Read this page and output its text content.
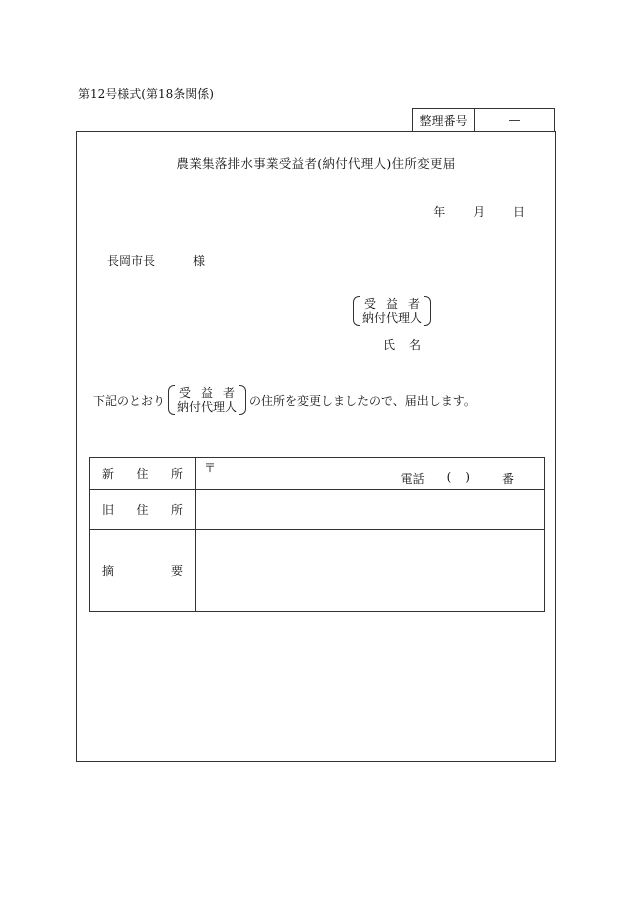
第12号様式(第18条関係)
整理番号	—
農業集落排水事業受益者(納付代理人)住所変更届
年 月 日
長岡市長	様
受益者
納付代理人
氏名
下記のとおり
受益者
納付代理人 の住所を変更しましたので、届出します。
新 住 所	〒
電話 ( ) 番

旧 住 所	

摘 要	
